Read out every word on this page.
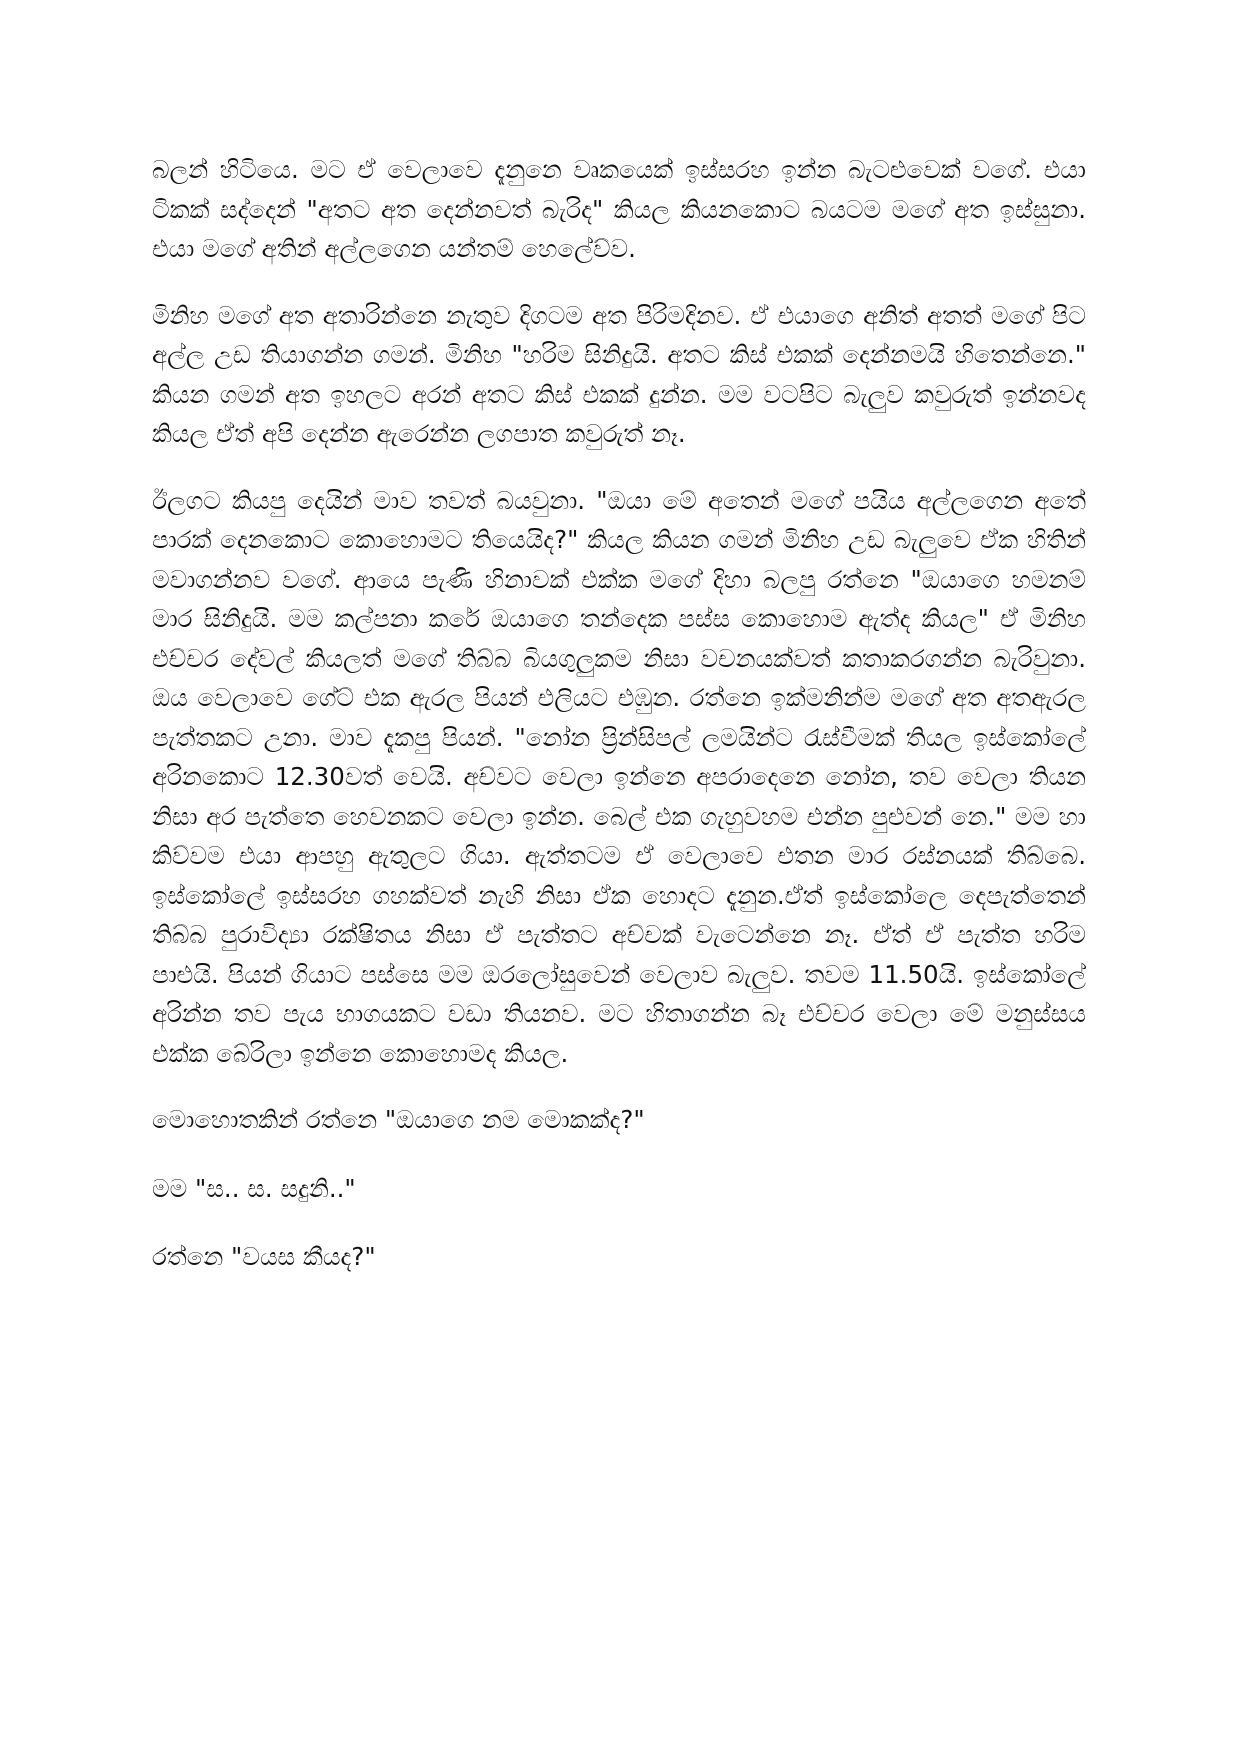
බලන් හිටියෙ. මට ඒ වෙලාවෙ දැනුනෙ වෘකයෙක් ඉස්සරහ ඉන්න බැටළුවෙක් වගේ. එයා ටිකක් සද්දෙන් "අතට අත දෙන්නවත් බැරිද" කියල කියනකොට බයටම මගේ අත ඉස්සුනා. එයා මගේ අතින් අල්ලගෙන යන්තම් හෙලේව්ව.

මිනිහ මගේ අත අතාරින්නෙ නැතුව දිගටම අත පිරිමදිනව. ඒ එයාගෙ අනිත් අතත් මගේ පිට අල්ල උඩ තියාගන්න ගමන්. මිනිහ "හරිම සිනිදුයි. අතට කිස් එකක් දෙන්නමයි හිතෙන්නෙ." කියන ගමන් අත ඉහලට අරන් අතට කිස් එකක් දුන්න. මම වටපිට බැලුව කවුරුත් ඉන්නවද කියල ඒත් අපි දෙන්න ඇරෙන්න ලගපාත කවුරුත් නෑ.

ඊලගට කියපු දෙයින් මාව තවත් බයවුනා. "ඔයා මේ අතෙන් මගේ පයිය අල්ලගෙන අතේ පාරක් දෙනකොට කොහොමට තියෙයිද?" කියල කියන ගමන් මිනිහ උඩ බැලුවෙ ඒක හිතින් මවාගන්නව වගේ. ආයෙ පැණි හිනාවක් එක්ක මගේ දිහා බලපු රත්නෙ "ඔයාගෙ හමනම් මාර සිනිදුයි. මම කල්පනා කරේ ඔයාගෙ තන්දෙක පස්ස කොහොම ඇත්ද කියල" ඒ මිනිහ එච්චර දේවල් කියලත් මගේ තිබ්බ බියගුලුකම නිසා වචනයක්වත් කතාකරගන්න බැරිවුනා. ඔය වෙලාවෙ ගේට් එක ඇරල පියන් එලියට එඹුන. රත්නෙ ඉක්මනින්ම මගේ අත අතඇරල පැත්තකට උනා. මාව දැකපු පියන්. "නෝන ප්‍රින්සිපල් ලමයින්ට රැස්වීමක් තියල ඉස්කෝලේ අරිනකොට 12.30වත් වෙයි. අච්වට වෙලා ඉන්නෙ අපරාදෙනෙ නෝන, තව වෙලා තියන නිසා අර පැත්තෙ හෙවනකට වෙලා ඉන්න. බෙල් එක ගැහුවහම එන්න පුළුවන් නෙ." මම හා කිව්වම එයා ආපහු ඇතුලට ගියා. ඇත්තටම ඒ වෙලාවෙ එතන මාර රස්නයක් තිබ්බෙ. ඉස්කෝලේ ඉස්සරහ ගහක්වත් නැහි නිසා ඒක හොදට දැනුන.ඒත් ඉස්කෝලෙ දෙපැත්තෙන් තිබ්බ පුරාවිද්‍යා රක්ෂිතය නිසා ඒ පැත්තට අච්චක් වැටෙන්නෙ නෑ. ඒත් ඒ පැත්ත හරිම පාළුයි. පියන් ගියාට පස්සෙ මම ඔරලෝසුවෙන් වෙලාව බැලුව. තවම 11.50යි. ඉස්කෝලේ අරින්න තව පැය භාගයකට වඩා තියනව. මට හිතාගන්න බෑ එච්චර වෙලා මේ මනුස්සය එක්ක බේරිලා ඉන්නෙ කොහොමද කියල.

මොහොතකින් රත්නෙ "ඔයාගෙ නම මොකක්ද?"

මම "ස.. ස. සදුනි.."

රත්නෙ "වයස කීයද?"
